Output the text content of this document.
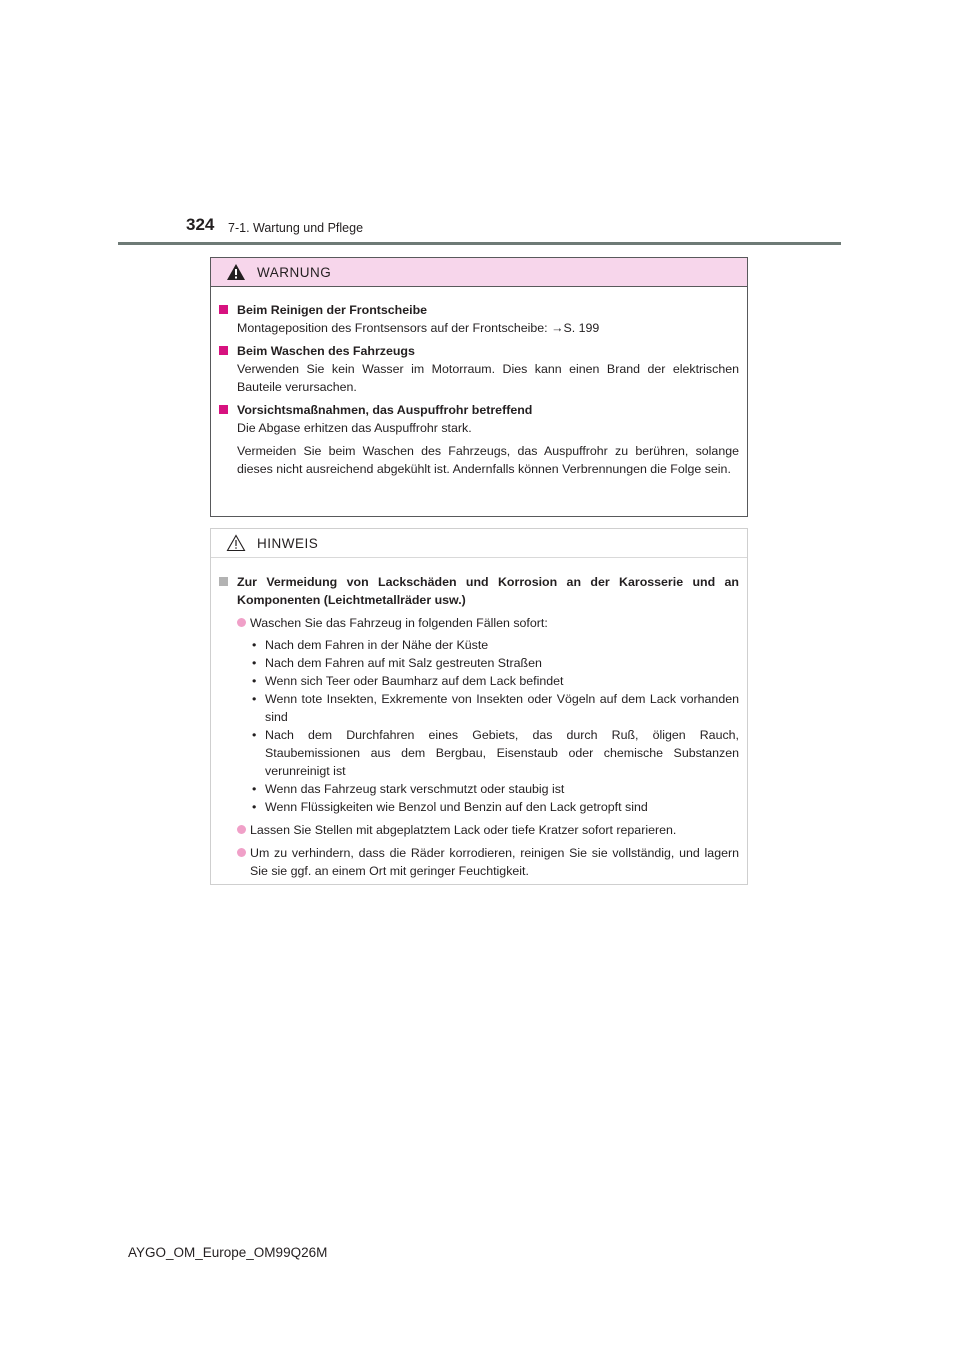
324 7-1. Wartung und Pflege
WARNUNG
Beim Reinigen der Frontscheibe
Montageposition des Frontsensors auf der Frontscheibe: →S. 199
Beim Waschen des Fahrzeugs
Verwenden Sie kein Wasser im Motorraum. Dies kann einen Brand der elektrischen Bauteile verursachen.
Vorsichtsmaßnahmen, das Auspuffrohr betreffend
Die Abgase erhitzen das Auspuffrohr stark.
Vermeiden Sie beim Waschen des Fahrzeugs, das Auspuffrohr zu berühren, solange dieses nicht ausreichend abgekühlt ist. Andernfalls können Verbrennungen die Folge sein.
HINWEIS
Zur Vermeidung von Lackschäden und Korrosion an der Karosserie und an Komponenten (Leichtmetallräder usw.)
Waschen Sie das Fahrzeug in folgenden Fällen sofort:
• Nach dem Fahren in der Nähe der Küste
• Nach dem Fahren auf mit Salz gestreuten Straßen
• Wenn sich Teer oder Baumharz auf dem Lack befindet
• Wenn tote Insekten, Exkremente von Insekten oder Vögeln auf dem Lack vorhanden sind
• Nach dem Durchfahren eines Gebiets, das durch Ruß, öligen Rauch, Staubemissionen aus dem Bergbau, Eisenstaub oder chemische Substanzen verunreinigt ist
• Wenn das Fahrzeug stark verschmutzt oder staubig ist
• Wenn Flüssigkeiten wie Benzol und Benzin auf den Lack getropft sind
Lassen Sie Stellen mit abgeplatztem Lack oder tiefe Kratzer sofort reparieren.
Um zu verhindern, dass die Räder korrodieren, reinigen Sie sie vollständig, und lagern Sie sie ggf. an einem Ort mit geringer Feuchtigkeit.
AYGO_OM_Europe_OM99Q26M
